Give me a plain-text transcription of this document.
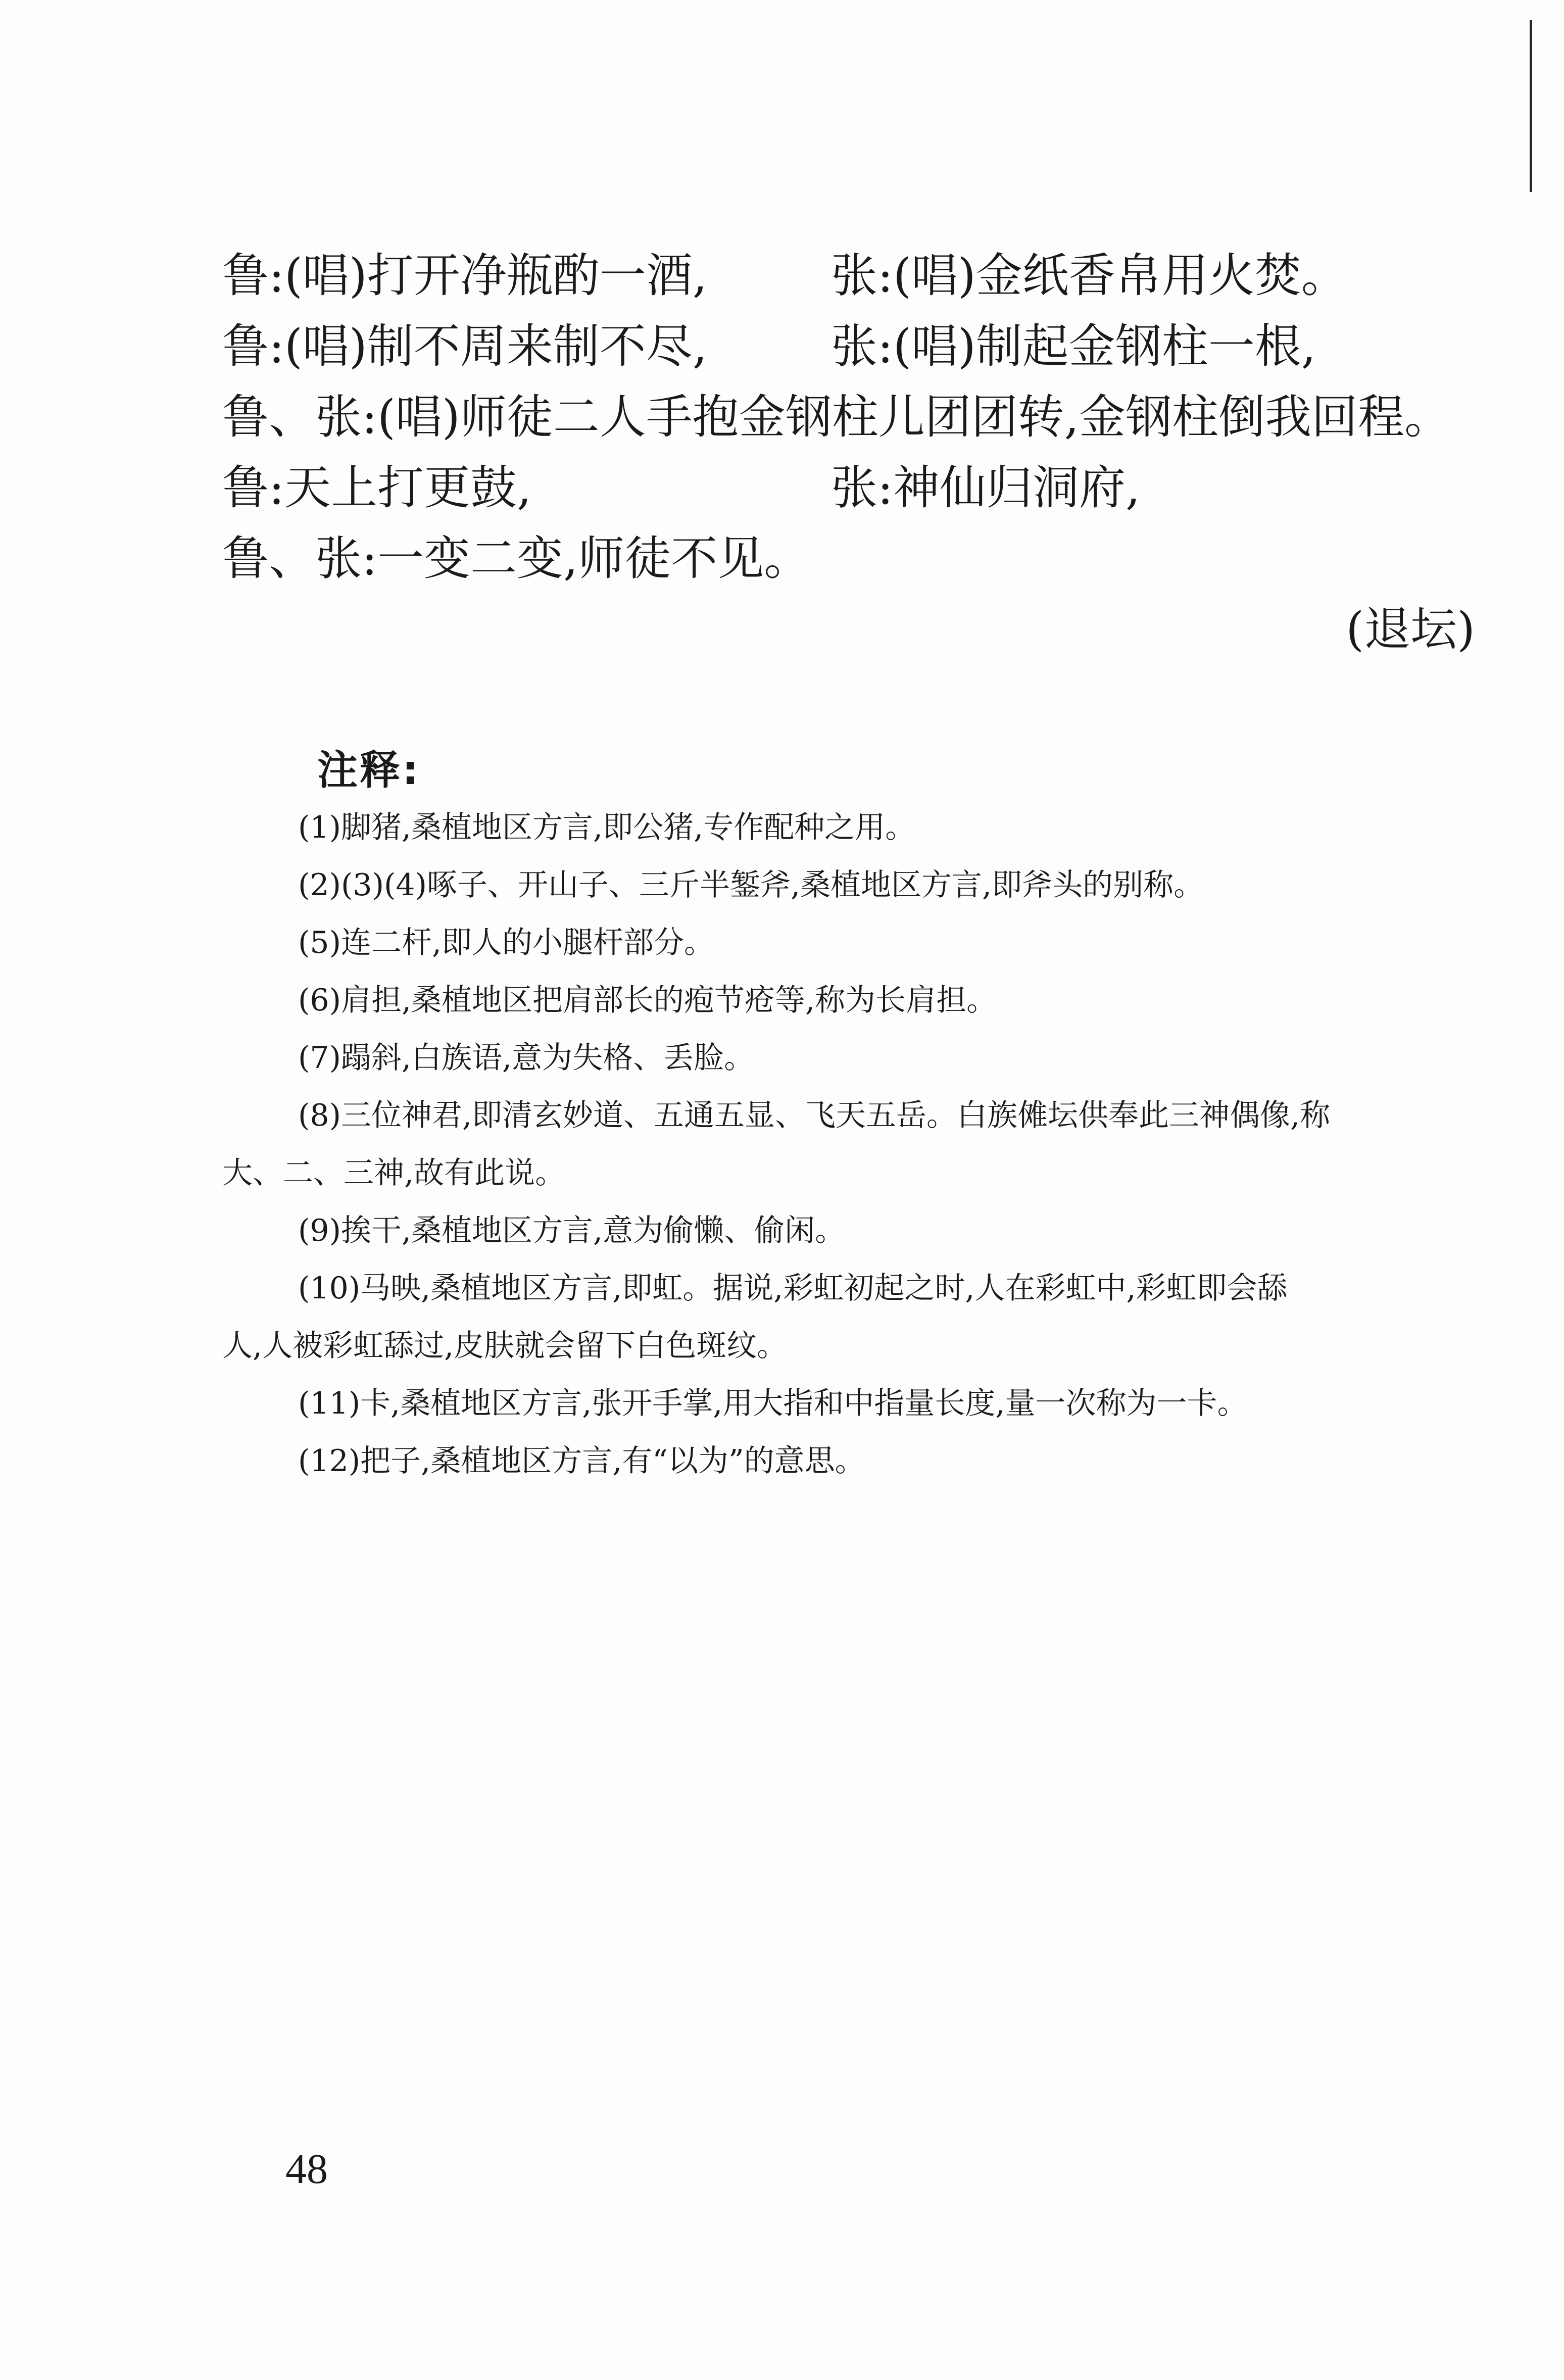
鲁:(唱)打开净瓶酌一酒,	张:(唱)金纸香帛用火焚。
鲁:(唱)制不周来制不尽,	张:(唱)制起金钢柱一根,
鲁、张:(唱)师徒二人手抱金钢柱儿团团转,金钢柱倒我回程。
鲁:天上打更鼓,	张:神仙归洞府,
鲁、张:一变二变,师徒不见。
(退坛)
注释:
(1)脚猪,桑植地区方言,即公猪,专作配种之用。
(2)(3)(4)啄子、开山子、三斤半錾斧,桑植地区方言,即斧头的别称。
(5)连二杆,即人的小腿杆部分。
(6)肩担,桑植地区把肩部长的疱节疮等,称为长肩担。
(7)蹋斜,白族语,意为失格、丢脸。
(8)三位神君,即清玄妙道、五通五显、飞天五岳。白族傩坛供奉此三神偶像,称
大、二、三神,故有此说。
(9)挨干,桑植地区方言,意为偷懒、偷闲。
(10)马映,桑植地区方言,即虹。据说,彩虹初起之时,人在彩虹中,彩虹即会舔
人,人被彩虹舔过,皮肤就会留下白色斑纹。
(11)卡,桑植地区方言,张开手掌,用大指和中指量长度,量一次称为一卡。
(12)把子,桑植地区方言,有“以为”的意思。
48
